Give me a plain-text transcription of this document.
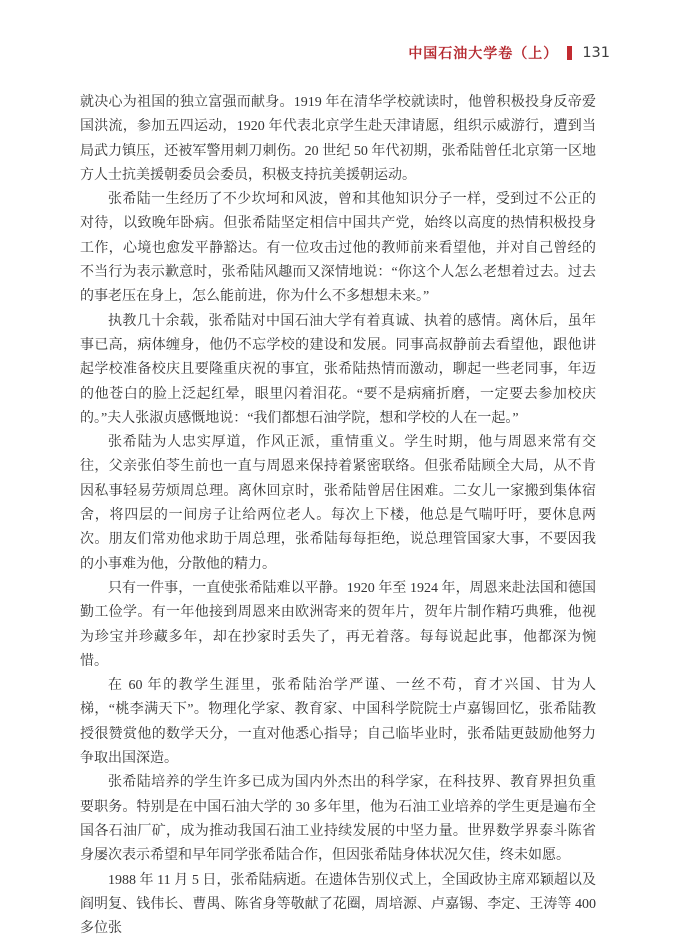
中国石油大学卷（上） 131

就决心为祖国的独立富强而献身。1919 年在清华学校就读时，他曾积极投身反帝爱国洪流，参加五四运动，1920 年代表北京学生赴天津请愿，组织示威游行，遭到当局武力镇压，还被军警用刺刀刺伤。20 世纪 50 年代初期，张希陆曾任北京第一区地方人士抗美援朝委员会委员，积极支持抗美援朝运动。

张希陆一生经历了不少坎坷和风波，曾和其他知识分子一样，受到过不公正的对待，以致晚年卧病。但张希陆坚定相信中国共产党，始终以高度的热情积极投身工作，心境也愈发平静豁达。有一位攻击过他的教师前来看望他，并对自己曾经的不当行为表示歉意时，张希陆风趣而又深情地说：“你这个人怎么老想着过去。过去的事老压在身上，怎么能前进，你为什么不多想想未来。”

执教几十余载，张希陆对中国石油大学有着真诚、执着的感情。离休后，虽年事已高，病体缠身，他仍不忘学校的建设和发展。同事高叔静前去看望他，跟他讲起学校准备校庆且要隆重庆祝的事宜，张希陆热情而激动，聊起一些老同事，年迈的他苍白的脸上泛起红晕，眼里闪着泪花。“要不是病痛折磨，一定要去参加校庆的。”夫人张淑贞感慨地说：“我们都想石油学院，想和学校的人在一起。”

张希陆为人忠实厚道，作风正派，重情重义。学生时期，他与周恩来常有交往，父亲张伯苓生前也一直与周恩来保持着紧密联络。但张希陆顾全大局，从不肯因私事轻易劳烦周总理。离休回京时，张希陆曾居住困难。二女儿一家搬到集体宿舍，将四层的一间房子让给两位老人。每次上下楼，他总是气喘吁吁，要休息两次。朋友们常劝他求助于周总理，张希陆每每拒绝，说总理管国家大事，不要因我的小事难为他，分散他的精力。

只有一件事，一直使张希陆难以平静。1920 年至 1924 年，周恩来赴法国和德国勤工俭学。有一年他接到周恩来由欧洲寄来的贺年片，贺年片制作精巧典雅，他视为珍宝并珍藏多年，却在抄家时丢失了，再无着落。每每说起此事，他都深为惋惜。

在 60 年的教学生涯里，张希陆治学严谨、一丝不苟，育才兴国、甘为人梯，“桃李满天下”。物理化学家、教育家、中国科学院院士卢嘉锡回忆，张希陆教授很赞赏他的数学天分，一直对他悉心指导；自己临毕业时，张希陆更鼓励他努力争取出国深造。

张希陆培养的学生许多已成为国内外杰出的科学家，在科技界、教育界担负重要职务。特别是在中国石油大学的 30 多年里，他为石油工业培养的学生更是遍布全国各石油厂矿，成为推动我国石油工业持续发展的中坚力量。世界数学界泰斗陈省身屡次表示希望和早年同学张希陆合作，但因张希陆身体状况欠佳，终未如愿。

1988 年 11 月 5 日，张希陆病逝。在遗体告别仪式上，全国政协主席邓颖超以及阎明复、钱伟长、曹禺、陈省身等敬献了花圈，周培源、卢嘉锡、李定、王涛等 400 多位张
